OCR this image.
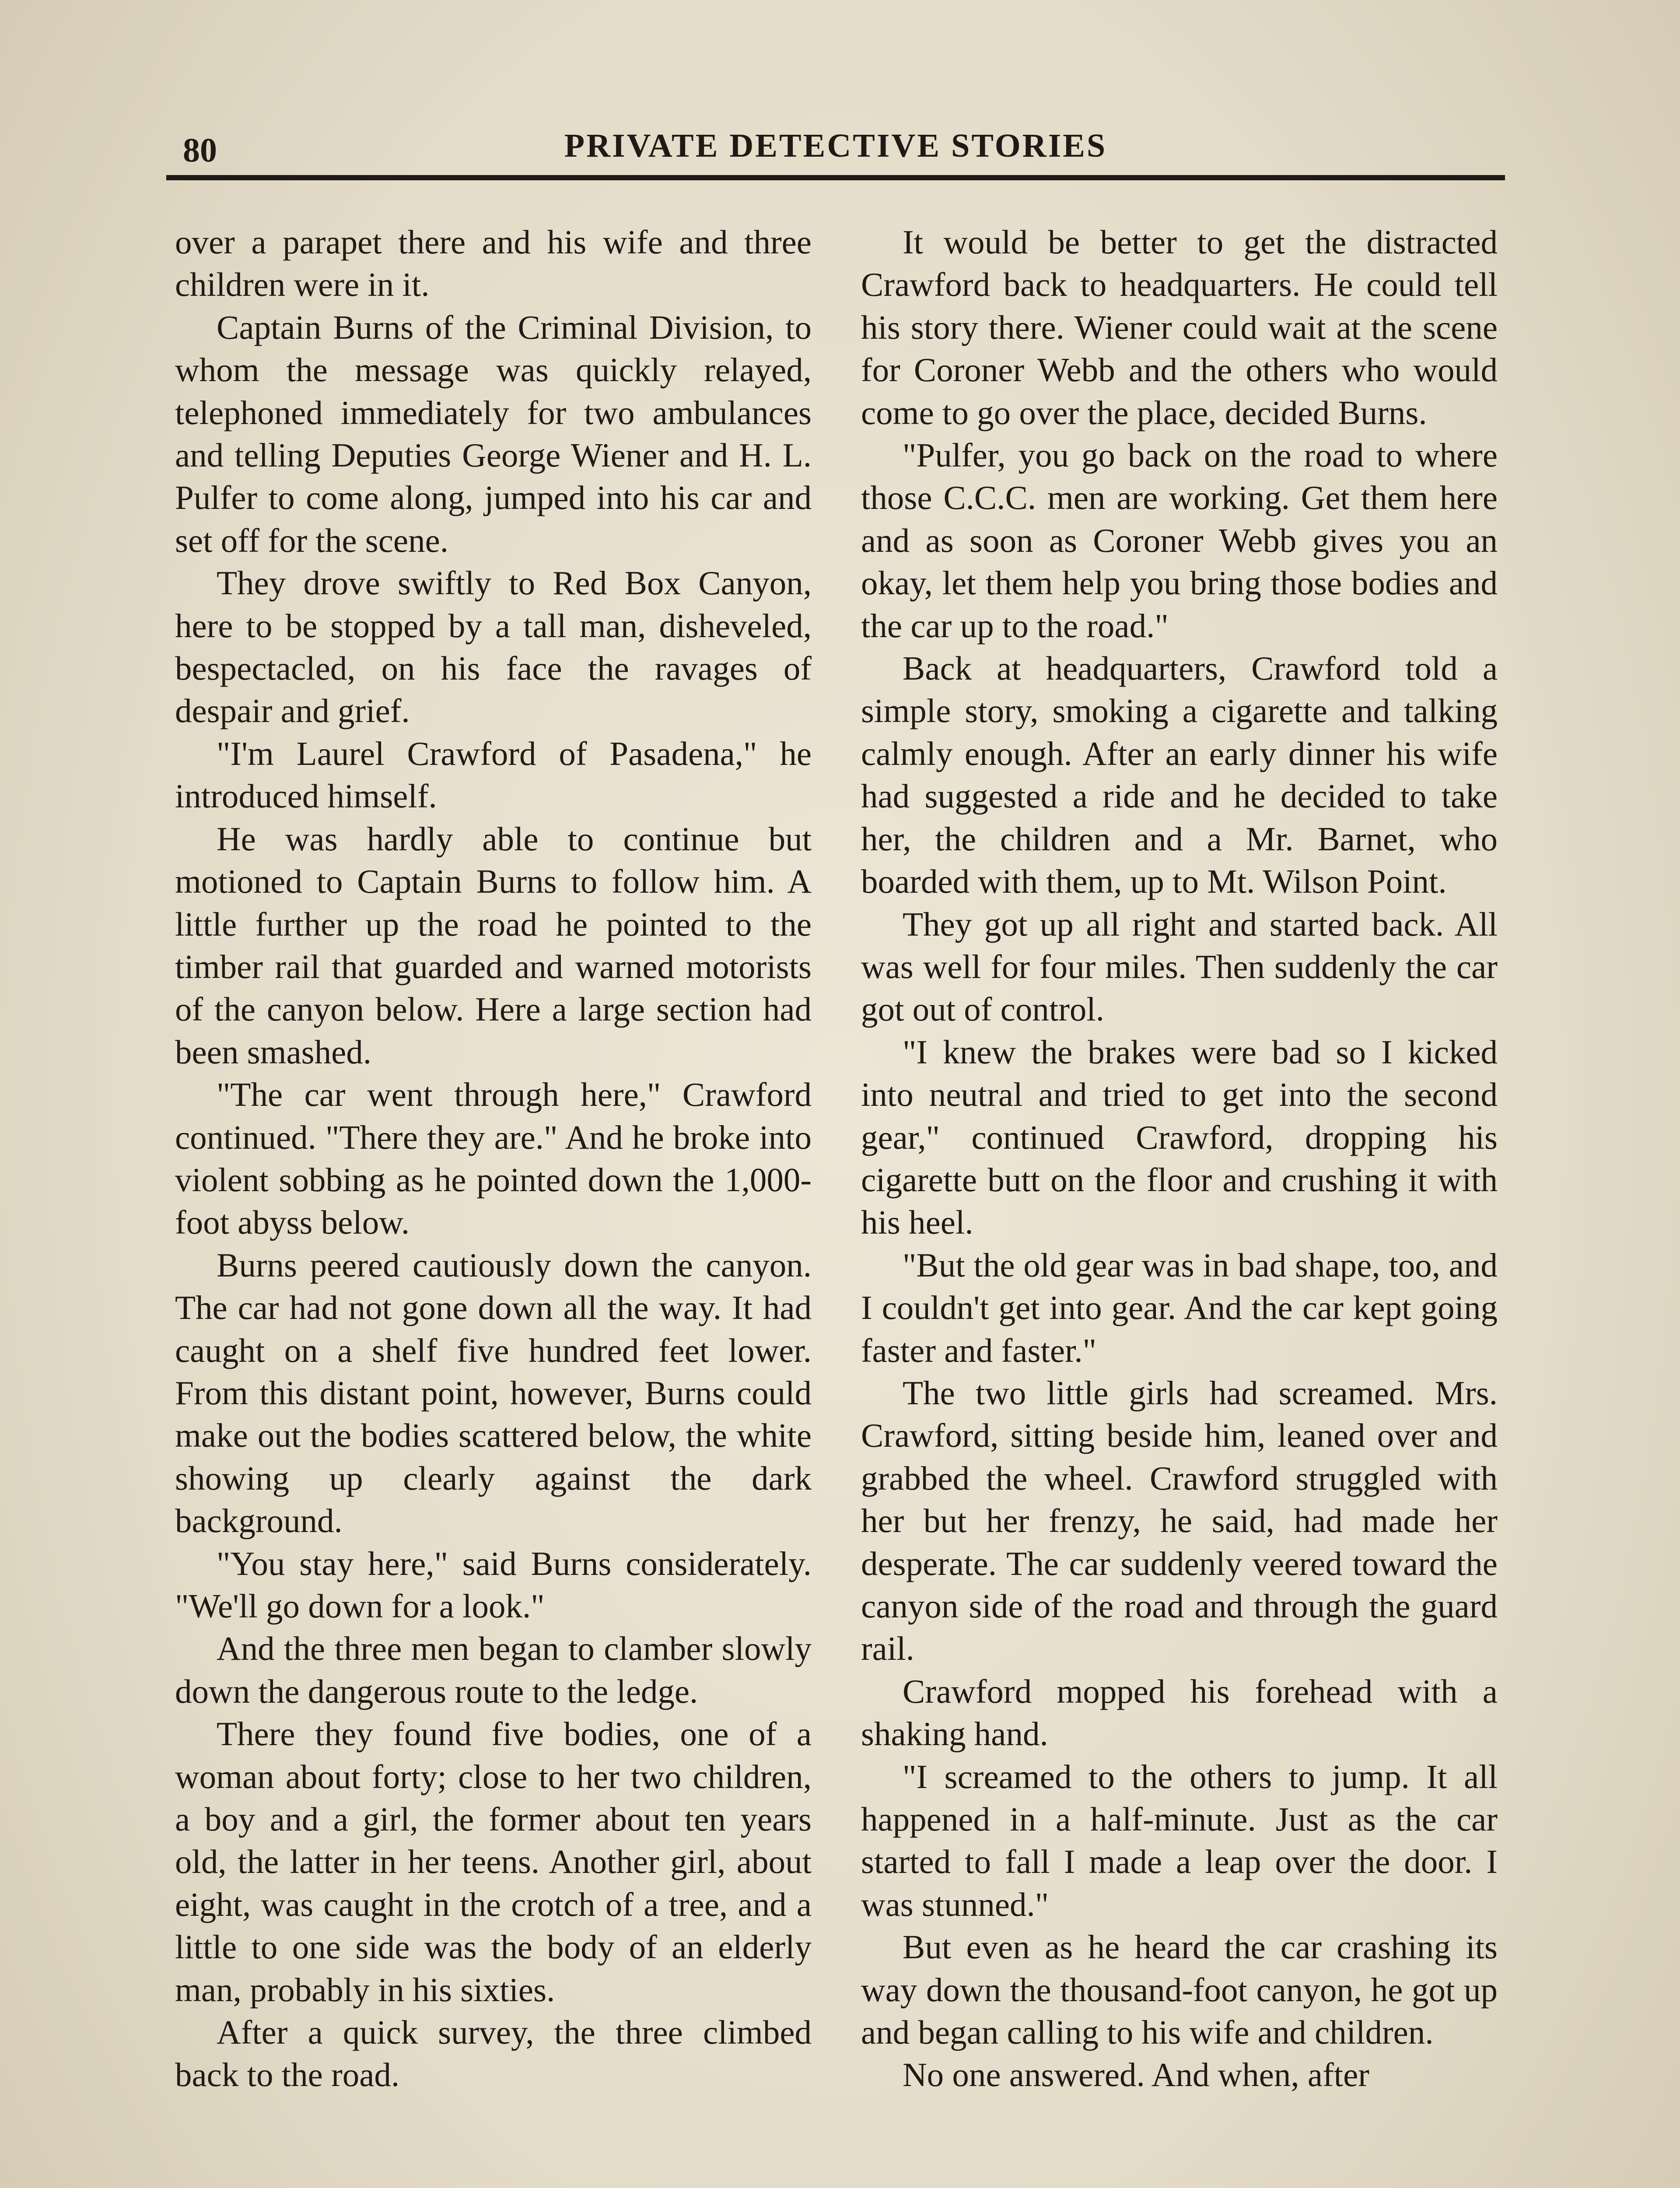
80	PRIVATE DETECTIVE STORIES

over a parapet there and his wife and three children were in it.

Captain Burns of the Criminal Division, to whom the message was quickly relayed, telephoned immediately for two ambulances and telling Deputies George Wiener and H. L. Pulfer to come along, jumped into his car and set off for the scene.

They drove swiftly to Red Box Canyon, here to be stopped by a tall man, disheveled, bespectacled, on his face the ravages of despair and grief.

"I'm Laurel Crawford of Pasadena," he introduced himself.

He was hardly able to continue but motioned to Captain Burns to follow him. A little further up the road he pointed to the timber rail that guarded and warned motorists of the canyon below. Here a large section had been smashed.

"The car went through here," Crawford continued. "There they are." And he broke into violent sobbing as he pointed down the 1,000-foot abyss below.

Burns peered cautiously down the canyon. The car had not gone down all the way. It had caught on a shelf five hundred feet lower. From this distant point, however, Burns could make out the bodies scattered below, the white showing up clearly against the dark background.

"You stay here," said Burns considerately. "We'll go down for a look."

And the three men began to clamber slowly down the dangerous route to the ledge.

There they found five bodies, one of a woman about forty; close to her two children, a boy and a girl, the former about ten years old, the latter in her teens. Another girl, about eight, was caught in the crotch of a tree, and a little to one side was the body of an elderly man, probably in his sixties.

After a quick survey, the three climbed back to the road.

It would be better to get the distracted Crawford back to headquarters. He could tell his story there. Wiener could wait at the scene for Coroner Webb and the others who would come to go over the place, decided Burns.

"Pulfer, you go back on the road to where those C.C.C. men are working. Get them here and as soon as Coroner Webb gives you an okay, let them help you bring those bodies and the car up to the road."

Back at headquarters, Crawford told a simple story, smoking a cigarette and talking calmly enough. After an early dinner his wife had suggested a ride and he decided to take her, the children and a Mr. Barnet, who boarded with them, up to Mt. Wilson Point.

They got up all right and started back. All was well for four miles. Then suddenly the car got out of control.

"I knew the brakes were bad so I kicked into neutral and tried to get into the second gear," continued Crawford, dropping his cigarette butt on the floor and crushing it with his heel.

"But the old gear was in bad shape, too, and I couldn't get into gear. And the car kept going faster and faster."

The two little girls had screamed. Mrs. Crawford, sitting beside him, leaned over and grabbed the wheel. Crawford struggled with her but her frenzy, he said, had made her desperate. The car suddenly veered toward the canyon side of the road and through the guard rail.

Crawford mopped his forehead with a shaking hand.

"I screamed to the others to jump. It all happened in a half-minute. Just as the car started to fall I made a leap over the door. I was stunned."

But even as he heard the car crashing its way down the thousand-foot canyon, he got up and began calling to his wife and children.

No one answered. And when, after
